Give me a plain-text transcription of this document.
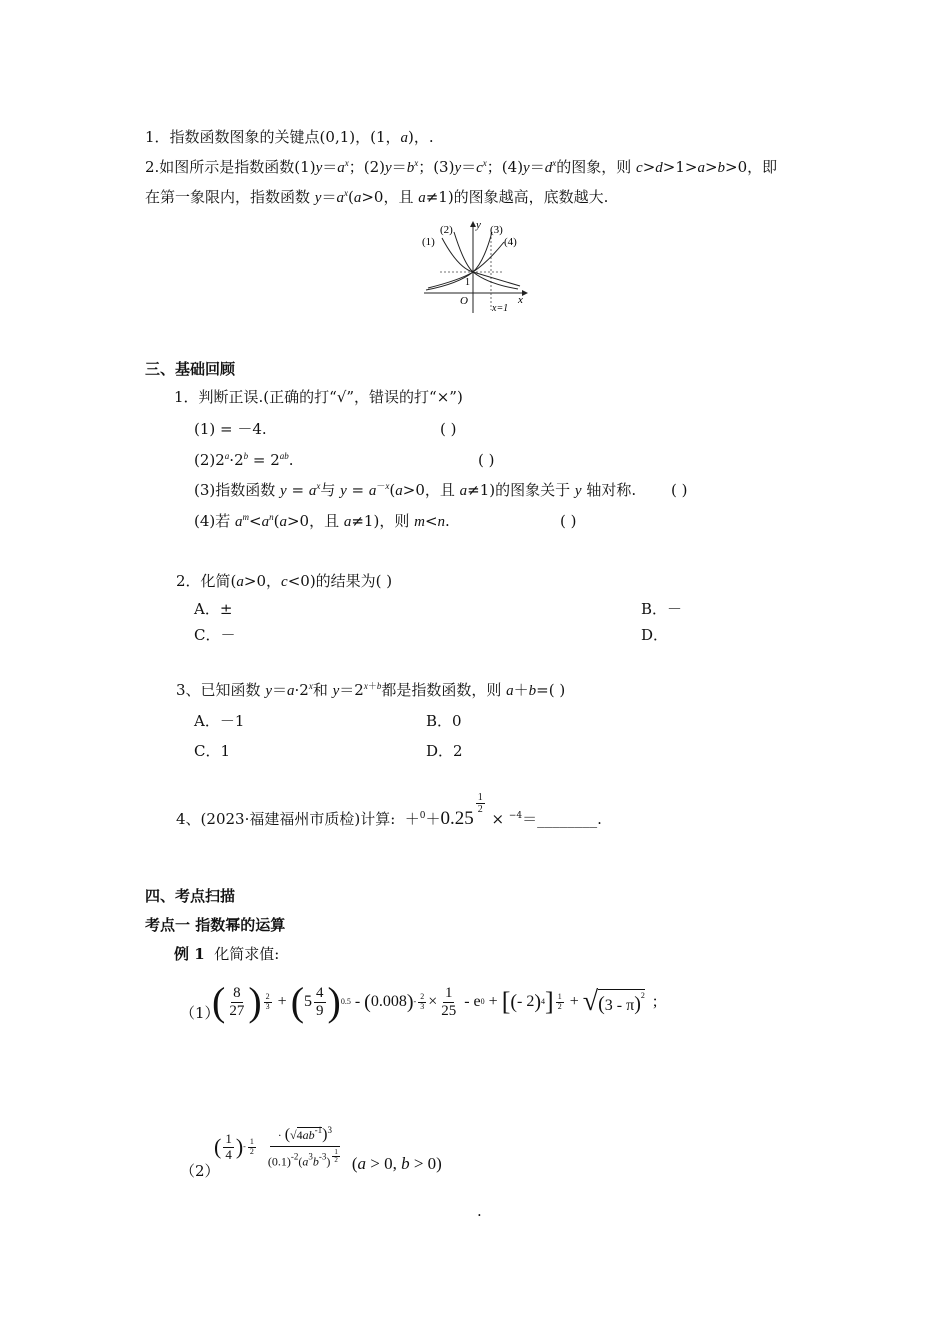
1．指数函数图象的关键点(0,1)，(1，a)，.
2.如图所示是指数函数$(1)y=a^x$；$(2)y=b^x$；$(3)y=c^x$；$(4)y=d^x$的图象，则 c>d>1>a>b>0，即
在第一象限内，指数函数 $y=a^x(a>0$，且 a≠1)的图象越高，底数越大.
(1)
(2)	(3)
(4)
y
x
O
1
x=1
三、基础回顾
1．判断正误.(正确的打“√”，错误的打“×”)
(1) = －4.	( )
$(2)2^a\cdot 2^b = 2^{ab}$.	( )
(3)指数函数 $y = a^x$与 $y = a^{-x}(a>0$，且 a≠1)的图象关于 y 轴对称. ( )
(4)若 $a^m<a^n(a>0$，且 a≠1)，则 m<n.	( )
2．化简(a>0，c<0)的结果为( )
A．±	B．－
C．－	D．
3、已知函数 $y=a\cdot 2^x$和 $y=2^{x+b}$都是指数函数，则 a＋b=( )
A．－1	B．0
C．1	D．2
4、(2023·福建福州市质检)计算:  ＋$^0$＋0.25
$^{\frac{1}{2}}$
× $^{-4}$＝________.
四、考点扫描
考点一 指数幂的运算
例 1 化简求值:
（1）
( $\frac{8}{27}$ ) $\frac{2}{3}$ + ( $5 \frac{4}{9}$ ) 0.5 - ( 0.008 ) - $\frac{2}{3} \times \frac{1}{25} - e$ 0 + [ ( - 2 ) 4 ] $\frac{1}{2}$ + √ (3 - π)$^2$ ;
（2）
( $\frac{1}{4}$ ) - $\frac{1}{2} \cdot (√4ab^{-1})^3$
$(0.1)^{-2}(a^3b^{-3})$ $^{\frac{1}{2}}$ (a > 0, b > 0)
.
